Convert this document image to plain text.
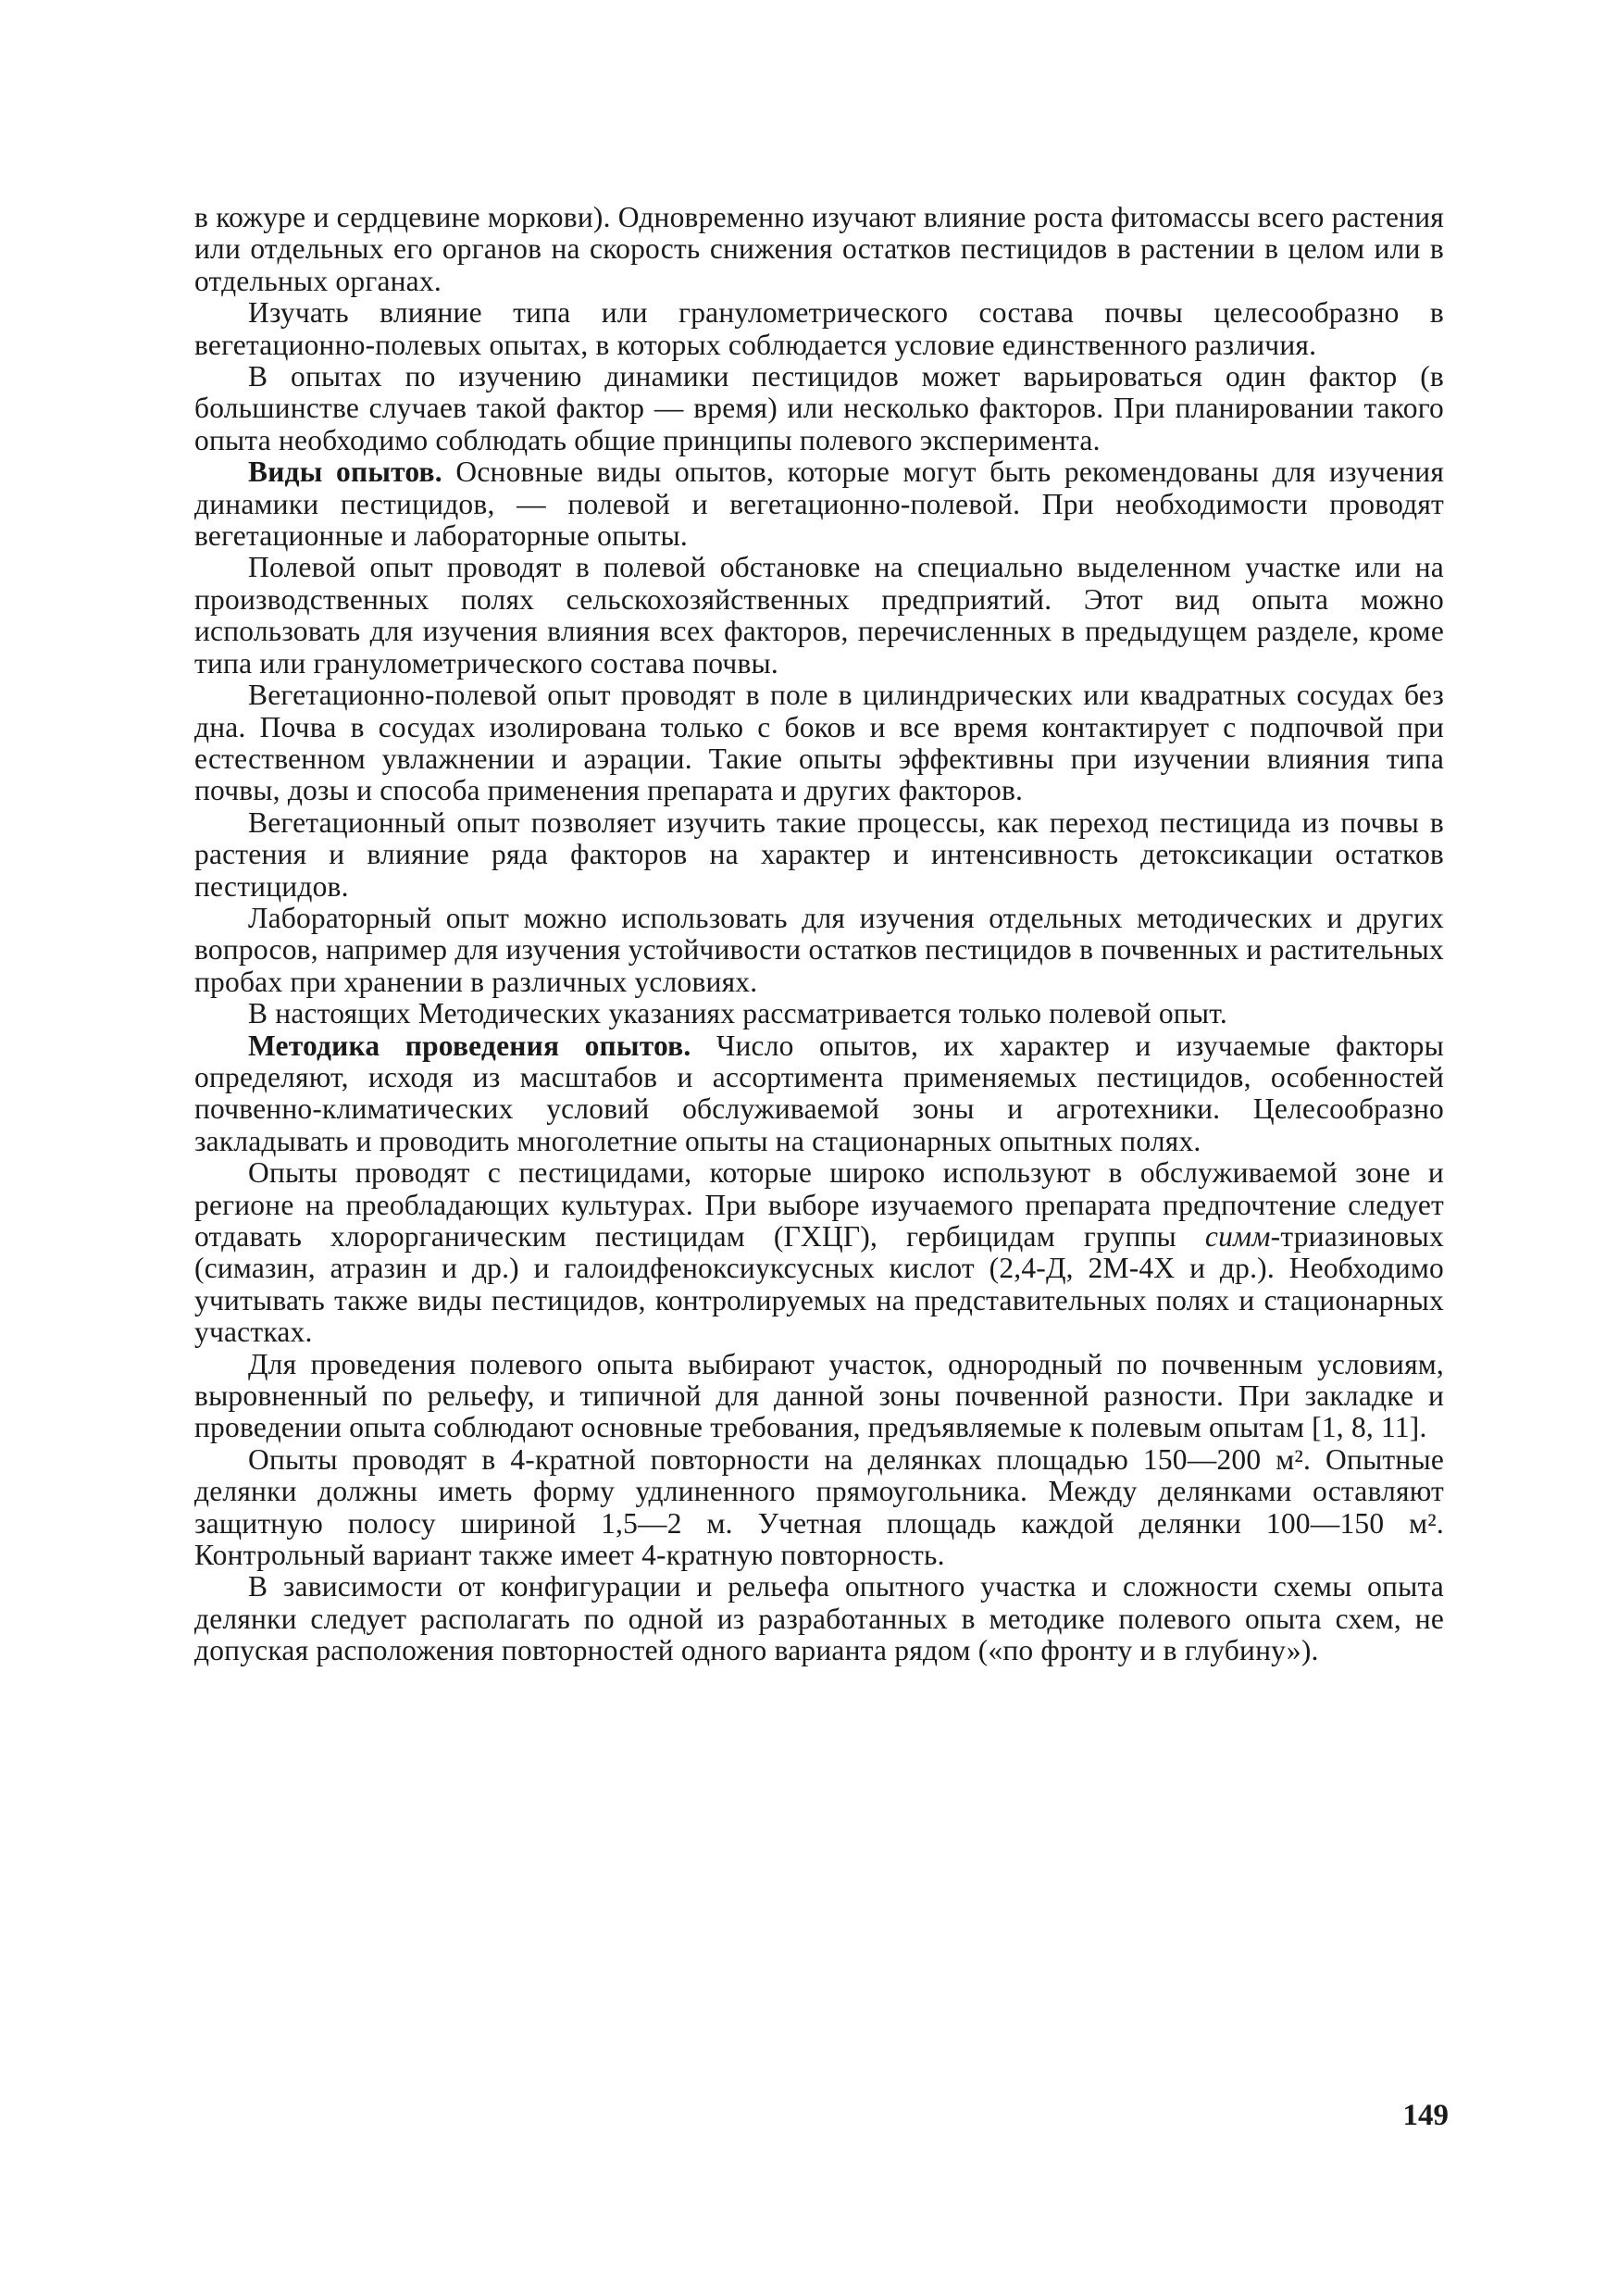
в кожуре и сердцевине моркови). Одновременно изучают влияние роста фитомассы всего растения или отдельных его органов на скорость снижения остатков пестицидов в растении в целом или в отдельных органах.

Изучать влияние типа или гранулометрического состава почвы целесообразно в вегетационно-полевых опытах, в которых соблюдается условие единственного различия.

В опытах по изучению динамики пестицидов может варьироваться один фактор (в большинстве случаев такой фактор — время) или несколько факторов. При планировании такого опыта необходимо соблюдать общие принципы полевого эксперимента.

Виды опытов. Основные виды опытов, которые могут быть рекомендованы для изучения динамики пестицидов, — полевой и вегетационно-полевой. При необходимости проводят вегетационные и лабораторные опыты.

Полевой опыт проводят в полевой обстановке на специально выделенном участке или на производственных полях сельскохозяйственных предприятий. Этот вид опыта можно использовать для изучения влияния всех факторов, перечисленных в предыдущем разделе, кроме типа или гранулометрического состава почвы.

Вегетационно-полевой опыт проводят в поле в цилиндрических или квадратных сосудах без дна. Почва в сосудах изолирована только с боков и все время контактирует с подпочвой при естественном увлажнении и аэрации. Такие опыты эффективны при изучении влияния типа почвы, дозы и способа применения препарата и других факторов.

Вегетационный опыт позволяет изучить такие процессы, как переход пестицида из почвы в растения и влияние ряда факторов на характер и интенсивность детоксикации остатков пестицидов.

Лабораторный опыт можно использовать для изучения отдельных методических и других вопросов, например для изучения устойчивости остатков пестицидов в почвенных и растительных пробах при хранении в различных условиях.

В настоящих Методических указаниях рассматривается только полевой опыт.

Методика проведения опытов. Число опытов, их характер и изучаемые факторы определяют, исходя из масштабов и ассортимента применяемых пестицидов, особенностей почвенно-климатических условий обслуживаемой зоны и агротехники. Целесообразно закладывать и проводить многолетние опыты на стационарных опытных полях.

Опыты проводят с пестицидами, которые широко используют в обслуживаемой зоне и регионе на преобладающих культурах. При выборе изучаемого препарата предпочтение следует отдавать хлорорганическим пестицидам (ГХЦГ), гербицидам группы симм-триазиновых (симазин, атразин и др.) и галоидфеноксиуксусных кислот (2,4-Д, 2М-4Х и др.). Необходимо учитывать также виды пестицидов, контролируемых на представительных полях и стационарных участках.

Для проведения полевого опыта выбирают участок, однородный по почвенным условиям, выровненный по рельефу, и типичной для данной зоны почвенной разности. При закладке и проведении опыта соблюдают основные требования, предъявляемые к полевым опытам [1, 8, 11].

Опыты проводят в 4-кратной повторности на делянках площадью 150—200 м². Опытные делянки должны иметь форму удлиненного прямоугольника. Между делянками оставляют защитную полосу шириной 1,5—2 м. Учетная площадь каждой делянки 100—150 м². Контрольный вариант также имеет 4-кратную повторность.

В зависимости от конфигурации и рельефа опытного участка и сложности схемы опыта делянки следует располагать по одной из разработанных в методике полевого опыта схем, не допуская расположения повторностей одного варианта рядом («по фронту и в глубину»).

149
